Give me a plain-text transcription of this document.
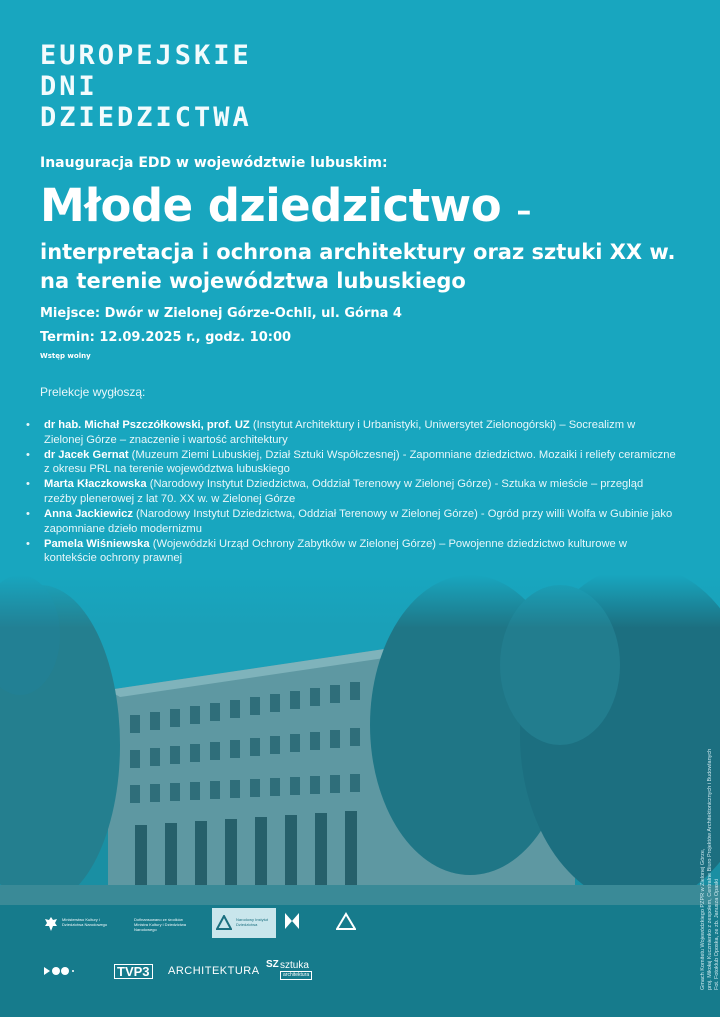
EUROPEJSKIE
DNI
DZIEDZICTWA
Inauguracja EDD w województwie lubuskim:
Młode dziedzictwo –
interpretacja i ochrona architektury oraz sztuki XX w. na terenie województwa lubuskiego
Miejsce: Dwór w Zielonej Górze-Ochli, ul. Górna 4
Termin: 12.09.2025 r., godz. 10:00
Wstęp wolny
Prelekcje wygłoszą:
• dr hab. Michał Pszczółkowski, prof. UZ (Instytut Architektury i Urbanistyki, Uniwersytet Zielonogórski) – Socrealizm w Zielonej Górze – znaczenie i wartość architektury
• dr Jacek Gernat (Muzeum Ziemi Lubuskiej, Dział Sztuki Współczesnej) - Zapomniane dziedzictwo. Mozaiki i reliefy ceramiczne z okresu PRL na terenie województwa lubuskiego
• Marta Kłaczkowska (Narodowy Instytut Dziedzictwa, Oddział Terenowy w Zielonej Górze) - Sztuka w mieście – przegląd rzeźby plenerowej z lat 70. XX w. w Zielonej Górze
• Anna Jackiewicz (Narodowy Instytut Dziedzictwa, Oddział Terenowy w Zielonej Górze) - Ogród przy willi Wolfa w Gubinie jako zapomniane dzieło modernizmu
• Pamela Wiśniewska (Wojewódzki Urząd Ochrony Zabytków w Zielonej Górze) – Powojenne dziedzictwo kulturowe w kontekście ochrony prawnej
Gmach Komitetu Wojewódzkiego PZPR w Zielonej Górze, proj. Mikołaj Kuczmienko z zespołem, Centralne Biuro Projektów Architektonicznych i Budowlanych Fot. Fotoklub Oposka, ze zb. Janusza Opaski
Ministerstwo Kultury i Dziedzictwa Narodowego
Dofinansowano ze środków Ministra Kultury i Dziedzictwa Narodowego
Narodowy Instytut Dziedzictwa
TVP3 ARCHITEKTURA
SZ sztuka
architektura
